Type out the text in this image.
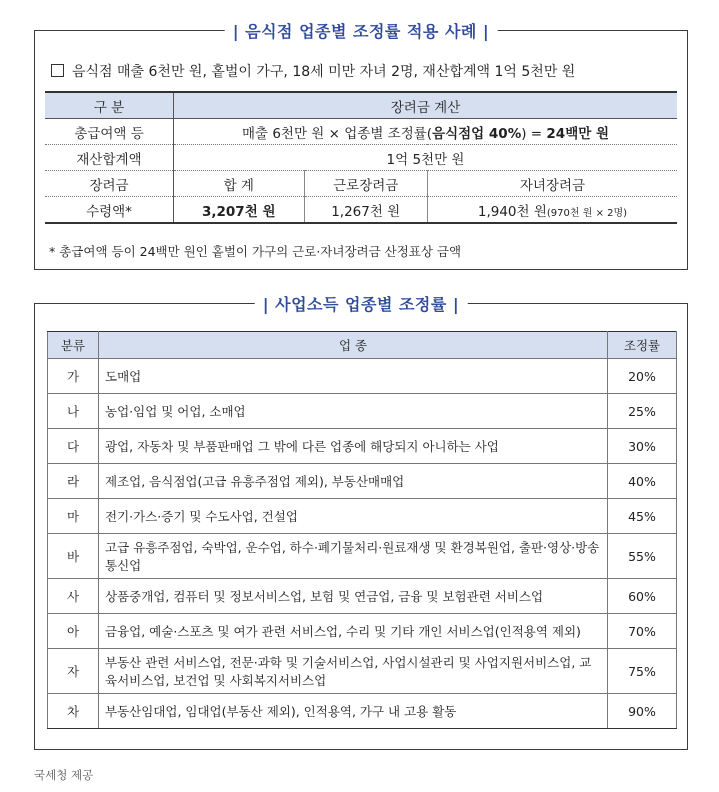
| 음식점 업종별 조정률 적용 사례 |
음식점 매출 6천만 원, 홑벌이 가구, 18세 미만 자녀 2명, 재산합계액 1억 5천만 원
구 분	장려금 계산		
총급여액 등	매출 6천만 원 × 업종별 조정률(음식점업 40%) = 24백만 원		
재산합계액	1억 5천만 원		
장려금	합 계	근로장려금	자녀장려금
수령액*	3,207천 원	1,267천 원	1,940천 원(970천 원 × 2명)
* 총급여액 등이 24백만 원인 홑벌이 가구의 근로·자녀장려금 산정표상 금액
| 사업소득 업종별 조정률 |
분류	업 종	조정률
가	도매업	20%
나	농업·임업 및 어업, 소매업	25%
다	광업, 자동차 및 부품판매업 그 밖에 다른 업종에 해당되지 아니하는 사업	30%
라	제조업, 음식점업(고급 유흥주점업 제외), 부동산매매업	40%
마	전기·가스·증기 및 수도사업, 건설업	45%
바	고급 유흥주점업, 숙박업, 운수업, 하수·폐기물처리·원료재생 및 환경복원업, 출판·영상·방송통신업	55%
사	상품중개업, 컴퓨터 및 정보서비스업, 보험 및 연금업, 금융 및 보험관련 서비스업	60%
아	금융업, 예술·스포츠 및 여가 관련 서비스업, 수리 및 기타 개인 서비스업(인적용역 제외)	70%
자	부동산 관련 서비스업, 전문·과학 및 기술서비스업, 사업시설관리 및 사업지원서비스업, 교육서비스업, 보건업 및 사회복지서비스업	75%
차	부동산임대업, 임대업(부동산 제외), 인적용역, 가구 내 고용 활동	90%
국세청 제공
